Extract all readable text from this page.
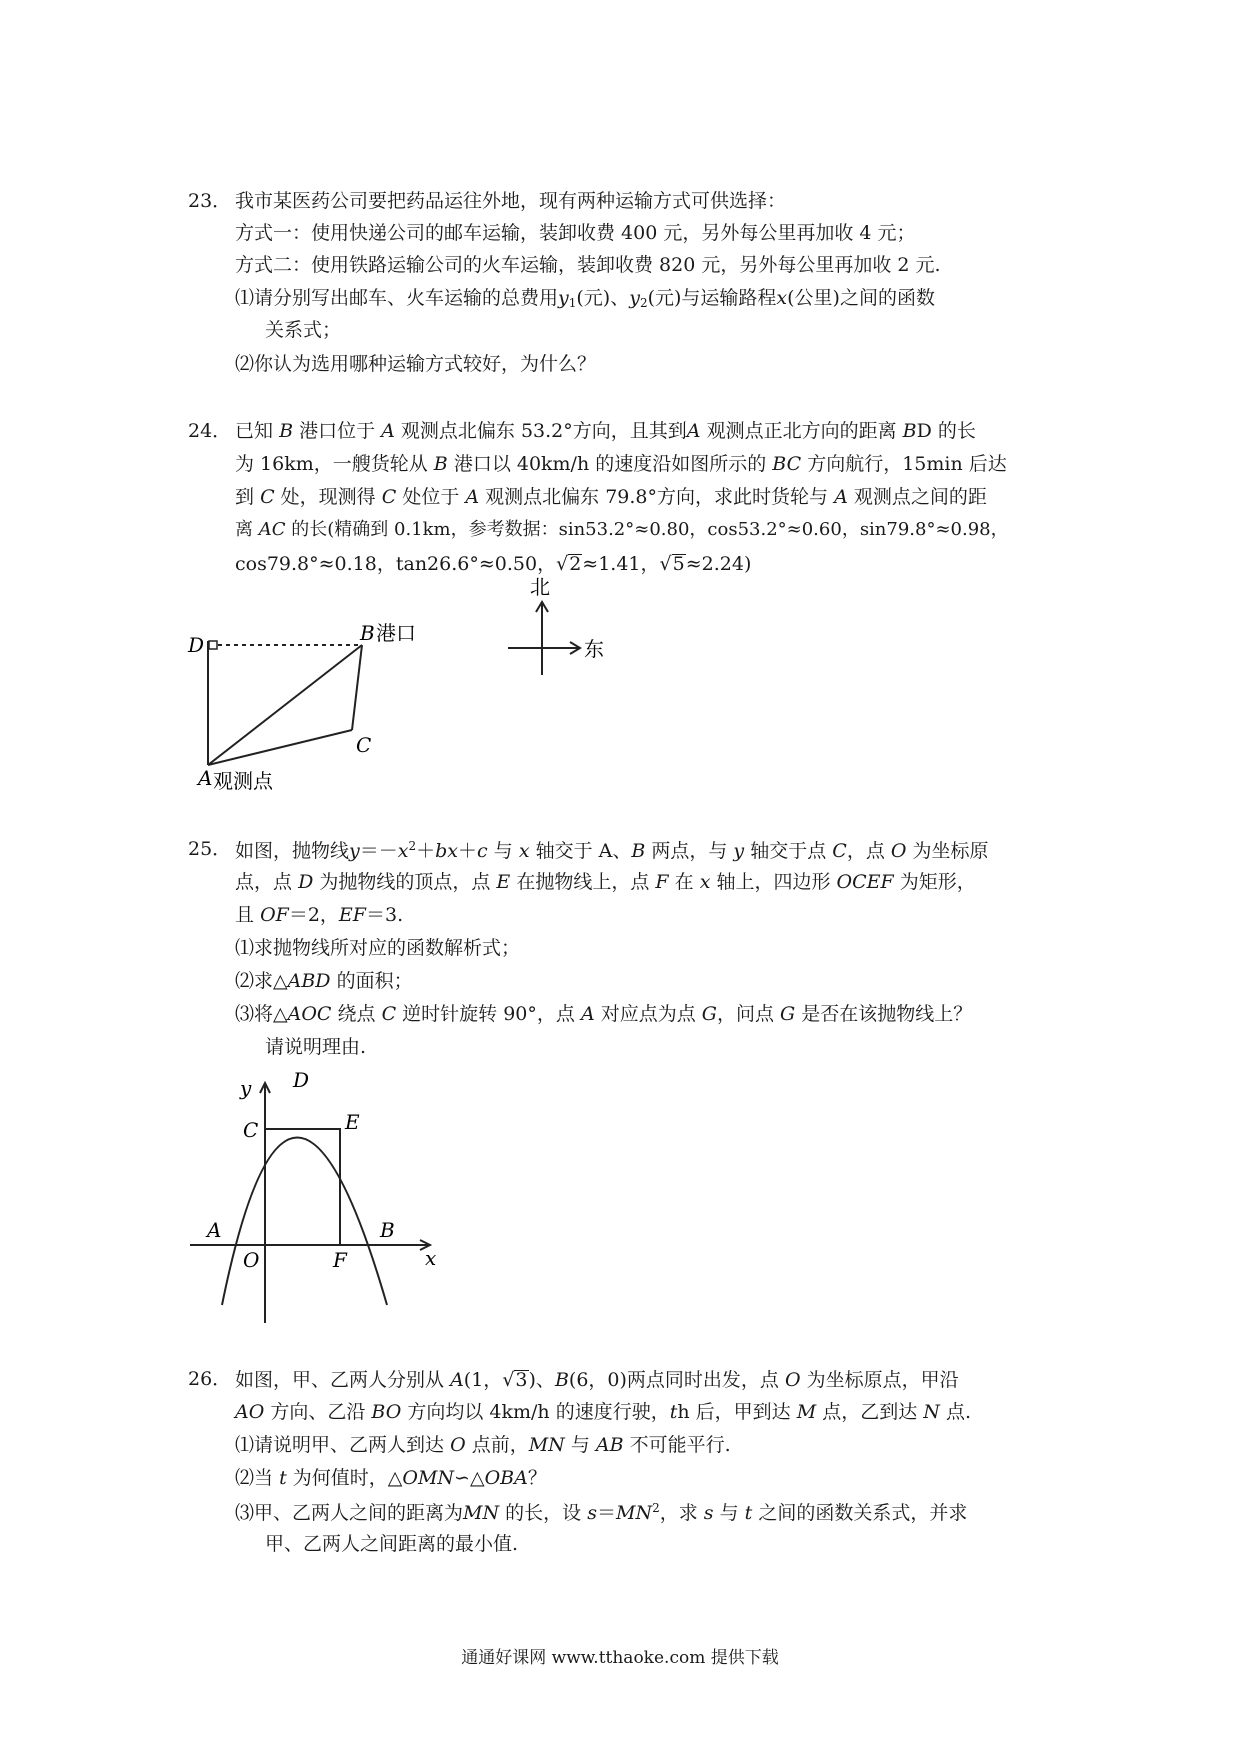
23． 我市某医药公司要把药品运往外地，现有两种运输方式可供选择：
方式一：使用快递公司的邮车运输，装卸收费 400 元，另外每公里再加收 4 元；
方式二：使用铁路运输公司的火车运输，装卸收费 820 元，另外每公里再加收 2 元.
⑴请分别写出邮车、火车运输的总费用$y_1$(元)、$y_2$(元)与运输路程x(公里)之间的函数
关系式；
⑵你认为选用哪种运输方式较好，为什么？
24． 已知 B 港口位于 A 观测点北偏东 53.2°方向，且其到A 观测点正北方向的距离 BD 的长
为 16km，一艘货轮从 B 港口以 40km/h 的速度沿如图所示的 BC 方向航行，15min 后达
到 C 处，现测得 C 处位于 A 观测点北偏东 79.8°方向，求此时货轮与 A 观测点之间的距
离 AC 的长(精确到 0.1km，参考数据：sin53.2°≈0.80，cos53.2°≈0.60，sin79.8°≈0.98，
cos79.8°≈0.18，tan26.6°≈0.50，√2≈1.41，√5≈2.24)
D	B 港口
C
A 观测点
北
东
25． 如图，抛物线$y=-x^2+bx+c$ 与 x 轴交于 A、B 两点，与 y 轴交于点 C，点 O 为坐标原
点，点 D 为抛物线的顶点，点 E 在抛物线上，点 F 在 x 轴上，四边形 OCEF 为矩形，
且 OF＝2，EF＝3.
⑴求抛物线所对应的函数解析式；
⑵求△ABD 的面积；
⑶将△AOC 绕点 C 逆时针旋转 90°，点 A 对应点为点 G，问点 G 是否在该抛物线上？
请说明理由.
y D
C	E
A	B
O	F	x
26． 如图，甲、乙两人分别从 A(1，√3)、B(6，0)两点同时出发，点 O 为坐标原点，甲沿
AO 方向、乙沿 BO 方向均以 4km/h 的速度行驶，th 后，甲到达 M 点，乙到达 N 点.
⑴请说明甲、乙两人到达 O 点前，MN 与 AB 不可能平行.
⑵当 t 为何值时，△OMN∽△OBA？
⑶甲、乙两人之间的距离为MN 的长，设 $s=MN^2$，求 s 与 t 之间的函数关系式，并求
甲、乙两人之间距离的最小值.
通通好课网 www.tthaoke.com 提供下载
